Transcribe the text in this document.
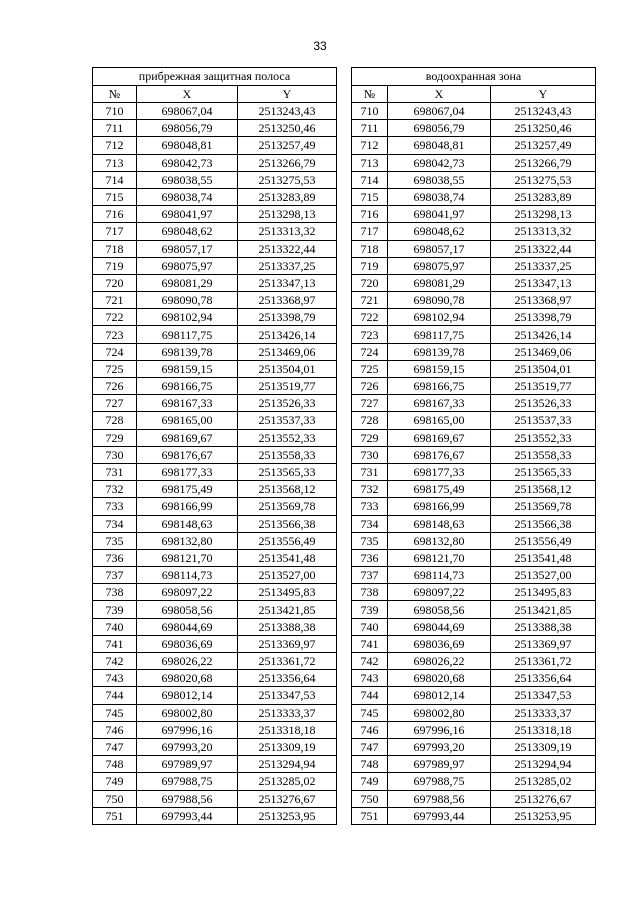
33
прибрежная защитная полоса				водоохранная зона		
№	X	Y		№	X	Y
710	698067,04	2513243,43		710	698067,04	2513243,43
711	698056,79	2513250,46		711	698056,79	2513250,46
712	698048,81	2513257,49		712	698048,81	2513257,49
713	698042,73	2513266,79		713	698042,73	2513266,79
714	698038,55	2513275,53		714	698038,55	2513275,53
715	698038,74	2513283,89		715	698038,74	2513283,89
716	698041,97	2513298,13		716	698041,97	2513298,13
717	698048,62	2513313,32		717	698048,62	2513313,32
718	698057,17	2513322,44		718	698057,17	2513322,44
719	698075,97	2513337,25		719	698075,97	2513337,25
720	698081,29	2513347,13		720	698081,29	2513347,13
721	698090,78	2513368,97		721	698090,78	2513368,97
722	698102,94	2513398,79		722	698102,94	2513398,79
723	698117,75	2513426,14		723	698117,75	2513426,14
724	698139,78	2513469,06		724	698139,78	2513469,06
725	698159,15	2513504,01		725	698159,15	2513504,01
726	698166,75	2513519,77		726	698166,75	2513519,77
727	698167,33	2513526,33		727	698167,33	2513526,33
728	698165,00	2513537,33		728	698165,00	2513537,33
729	698169,67	2513552,33		729	698169,67	2513552,33
730	698176,67	2513558,33		730	698176,67	2513558,33
731	698177,33	2513565,33		731	698177,33	2513565,33
732	698175,49	2513568,12		732	698175,49	2513568,12
733	698166,99	2513569,78		733	698166,99	2513569,78
734	698148,63	2513566,38		734	698148,63	2513566,38
735	698132,80	2513556,49		735	698132,80	2513556,49
736	698121,70	2513541,48		736	698121,70	2513541,48
737	698114,73	2513527,00		737	698114,73	2513527,00
738	698097,22	2513495,83		738	698097,22	2513495,83
739	698058,56	2513421,85		739	698058,56	2513421,85
740	698044,69	2513388,38		740	698044,69	2513388,38
741	698036,69	2513369,97		741	698036,69	2513369,97
742	698026,22	2513361,72		742	698026,22	2513361,72
743	698020,68	2513356,64		743	698020,68	2513356,64
744	698012,14	2513347,53		744	698012,14	2513347,53
745	698002,80	2513333,37		745	698002,80	2513333,37
746	697996,16	2513318,18		746	697996,16	2513318,18
747	697993,20	2513309,19		747	697993,20	2513309,19
748	697989,97	2513294,94		748	697989,97	2513294,94
749	697988,75	2513285,02		749	697988,75	2513285,02
750	697988,56	2513276,67		750	697988,56	2513276,67
751	697993,44	2513253,95		751	697993,44	2513253,95
